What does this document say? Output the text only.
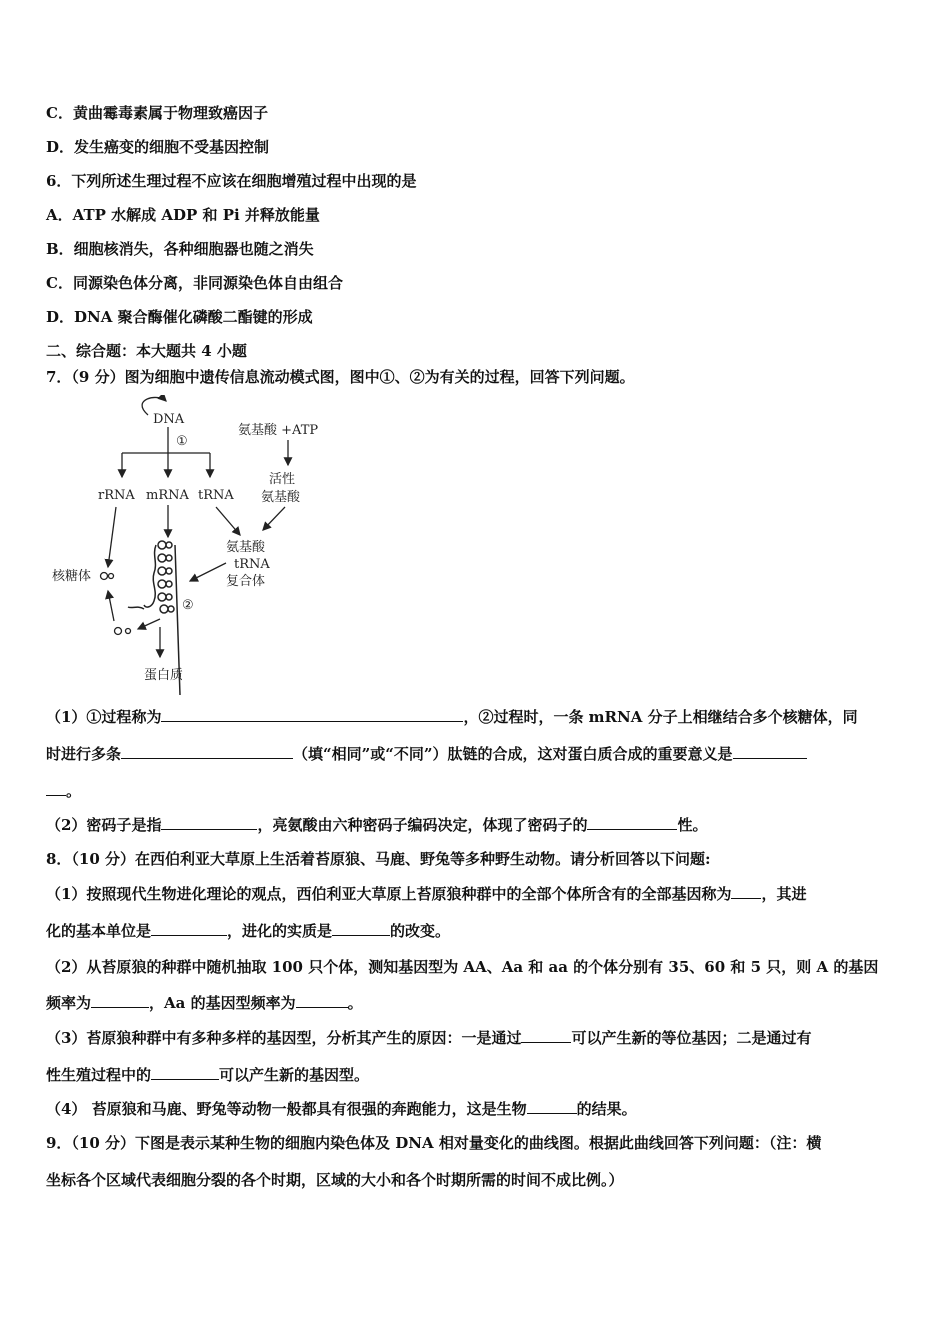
C．黄曲霉毒素属于物理致癌因子
D．发生癌变的细胞不受基因控制
6．下列所述生理过程不应该在细胞增殖过程中出现的是
A．ATP 水解成 ADP 和 Pi 并释放能量
B．细胞核消失，各种细胞器也随之消失
C．同源染色体分离，非同源染色体自由组合
D．DNA 聚合酶催化磷酸二酯键的形成
二、综合题：本大题共 4 小题
7．（9 分）图为细胞中遗传信息流动模式图，图中①、②为有关的过程，回答下列问题。
DNA
①
rRNA mRNA tRNA
氨基酸 +ATP
活性
氨基酸
氨基酸
tRNA
复合体
核糖体
②
蛋白质
（1）①过程称为	，②过程时，一条 mRNA 分子上相继结合多个核糖体，同
时进行多条	（填“相同”或“不同”）肽链的合成，这对蛋白质合成的重要意义是
。
（2）密码子是指	，亮氨酸由六种密码子编码决定，体现了密码子的	性。
8．（10 分）在西伯利亚大草原上生活着苔原狼、马鹿、野兔等多种野生动物。请分析回答以下问题:
（1）按照现代生物进化理论的观点，西伯利亚大草原上苔原狼种群中的全部个体所含有的全部基因称为 ，其进
化的基本单位是	，进化的实质是	的改变。
（2）从苔原狼的种群中随机抽取 100 只个体，测知基因型为 AA、Aa 和 aa 的个体分别有 35、60 和 5 只，则 A 的基因
频率为	，Aa 的基因型频率为	。
（3）苔原狼种群中有多种多样的基因型，分析其产生的原因：一是通过	可以产生新的等位基因；二是通过有
性生殖过程中的	可以产生新的基因型。
（4） 苔原狼和马鹿、野兔等动物一般都具有很强的奔跑能力，这是生物	的结果。
9．（10 分）下图是表示某种生物的细胞内染色体及 DNA 相对量变化的曲线图。根据此曲线回答下列问题：（注：横
坐标各个区域代表细胞分裂的各个时期，区域的大小和各个时期所需的时间不成比例。）
